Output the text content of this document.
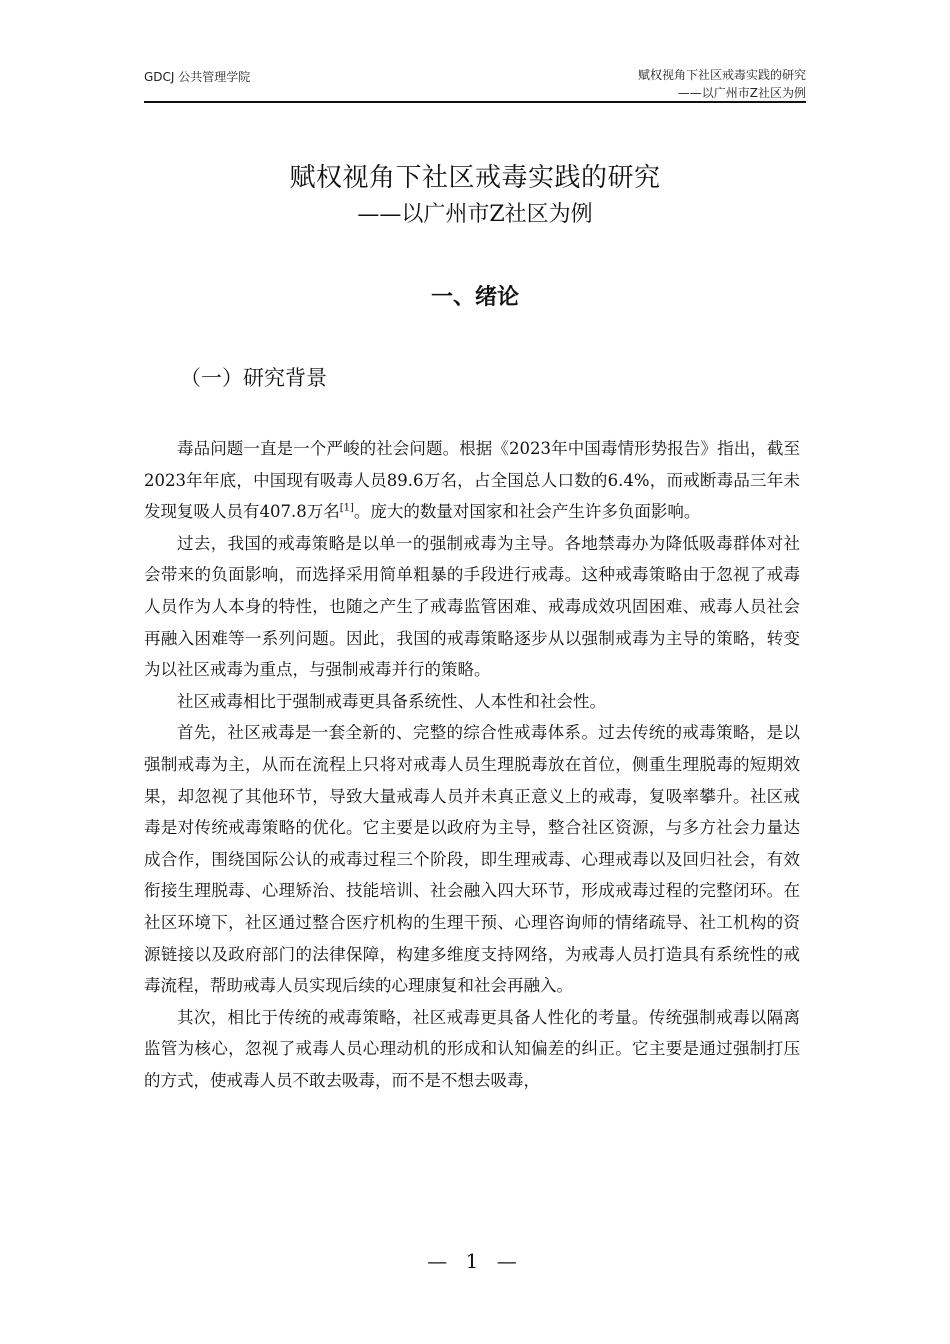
GDCJ 公共管理学院	赋权视角下社区戒毒实践的研究
——以广州市Z社区为例
赋权视角下社区戒毒实践的研究
——以广州市Z社区为例
一、绪论
（一）研究背景

毒品问题一直是一个严峻的社会问题。根据《2023年中国毒情形势报告》指出，截至2023年年底，中国现有吸毒人员89.6万名，占全国总人口数的6.4%，而戒断毒品三年未发现复吸人员有407.8万名[1]。庞大的数量对国家和社会产生许多负面影响。

过去，我国的戒毒策略是以单一的强制戒毒为主导。各地禁毒办为降低吸毒群体对社会带来的负面影响，而选择采用简单粗暴的手段进行戒毒。这种戒毒策略由于忽视了戒毒人员作为人本身的特性，也随之产生了戒毒监管困难、戒毒成效巩固困难、戒毒人员社会再融入困难等一系列问题。因此，我国的戒毒策略逐步从以强制戒毒为主导的策略，转变为以社区戒毒为重点，与强制戒毒并行的策略。

社区戒毒相比于强制戒毒更具备系统性、人本性和社会性。

首先，社区戒毒是一套全新的、完整的综合性戒毒体系。过去传统的戒毒策略，是以强制戒毒为主，从而在流程上只将对戒毒人员生理脱毒放在首位，侧重生理脱毒的短期效果，却忽视了其他环节，导致大量戒毒人员并未真正意义上的戒毒，复吸率攀升。社区戒毒是对传统戒毒策略的优化。它主要是以政府为主导，整合社区资源，与多方社会力量达成合作，围绕国际公认的戒毒过程三个阶段，即生理戒毒、心理戒毒以及回归社会，有效衔接生理脱毒、心理矫治、技能培训、社会融入四大环节，形成戒毒过程的完整闭环。在社区环境下，社区通过整合医疗机构的生理干预、心理咨询师的情绪疏导、社工机构的资源链接以及政府部门的法律保障，构建多维度支持网络，为戒毒人员打造具有系统性的戒毒流程，帮助戒毒人员实现后续的心理康复和社会再融入。

其次，相比于传统的戒毒策略，社区戒毒更具备人性化的考量。传统强制戒毒以隔离监管为核心，忽视了戒毒人员心理动机的形成和认知偏差的纠正。它主要是通过强制打压的方式，使戒毒人员不敢去吸毒，而不是不想去吸毒，

— 1 —
